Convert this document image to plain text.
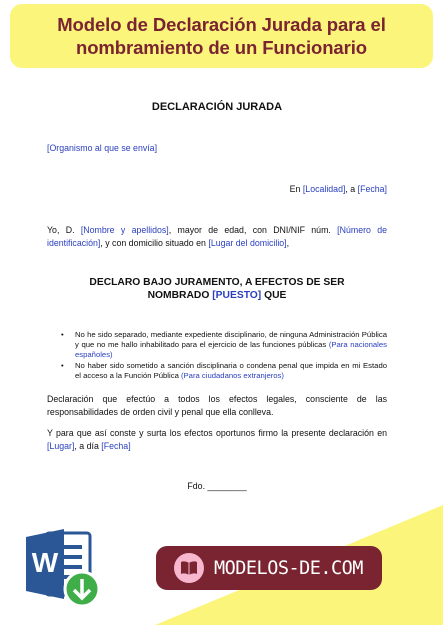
Modelo de Declaración Jurada para el
nombramiento de un Funcionario
DECLARACIÓN JURADA
[Organismo al que se envía]
En [Localidad], a [Fecha]
Yo, D. [Nombre y apellidos], mayor de edad, con DNI/NIF núm. [Número de identificación], y con domicilio situado en [Lugar del domicilio],
DECLARO BAJO JURAMENTO, A EFECTOS DE SER
NOMBRADO [PUESTO] QUE
• No he sido separado, mediante expediente disciplinario, de ninguna Administración Pública y que no me hallo inhabilitado para el ejercicio de las funciones públicas (Para nacionales españoles)
• No haber sido sometido a sanción disciplinaria o condena penal que impida en mi Estado el acceso a la Función Pública (Para ciudadanos extranjeros)
Declaración que efectúo a todos los efectos legales, consciente de las responsabilidades de orden civil y penal que ella conlleva.
Y para que así conste y surta los efectos oportunos firmo la presente declaración en [Lugar], a día [Fecha]
Fdo. ________
W	MODELOS-DE.COM
